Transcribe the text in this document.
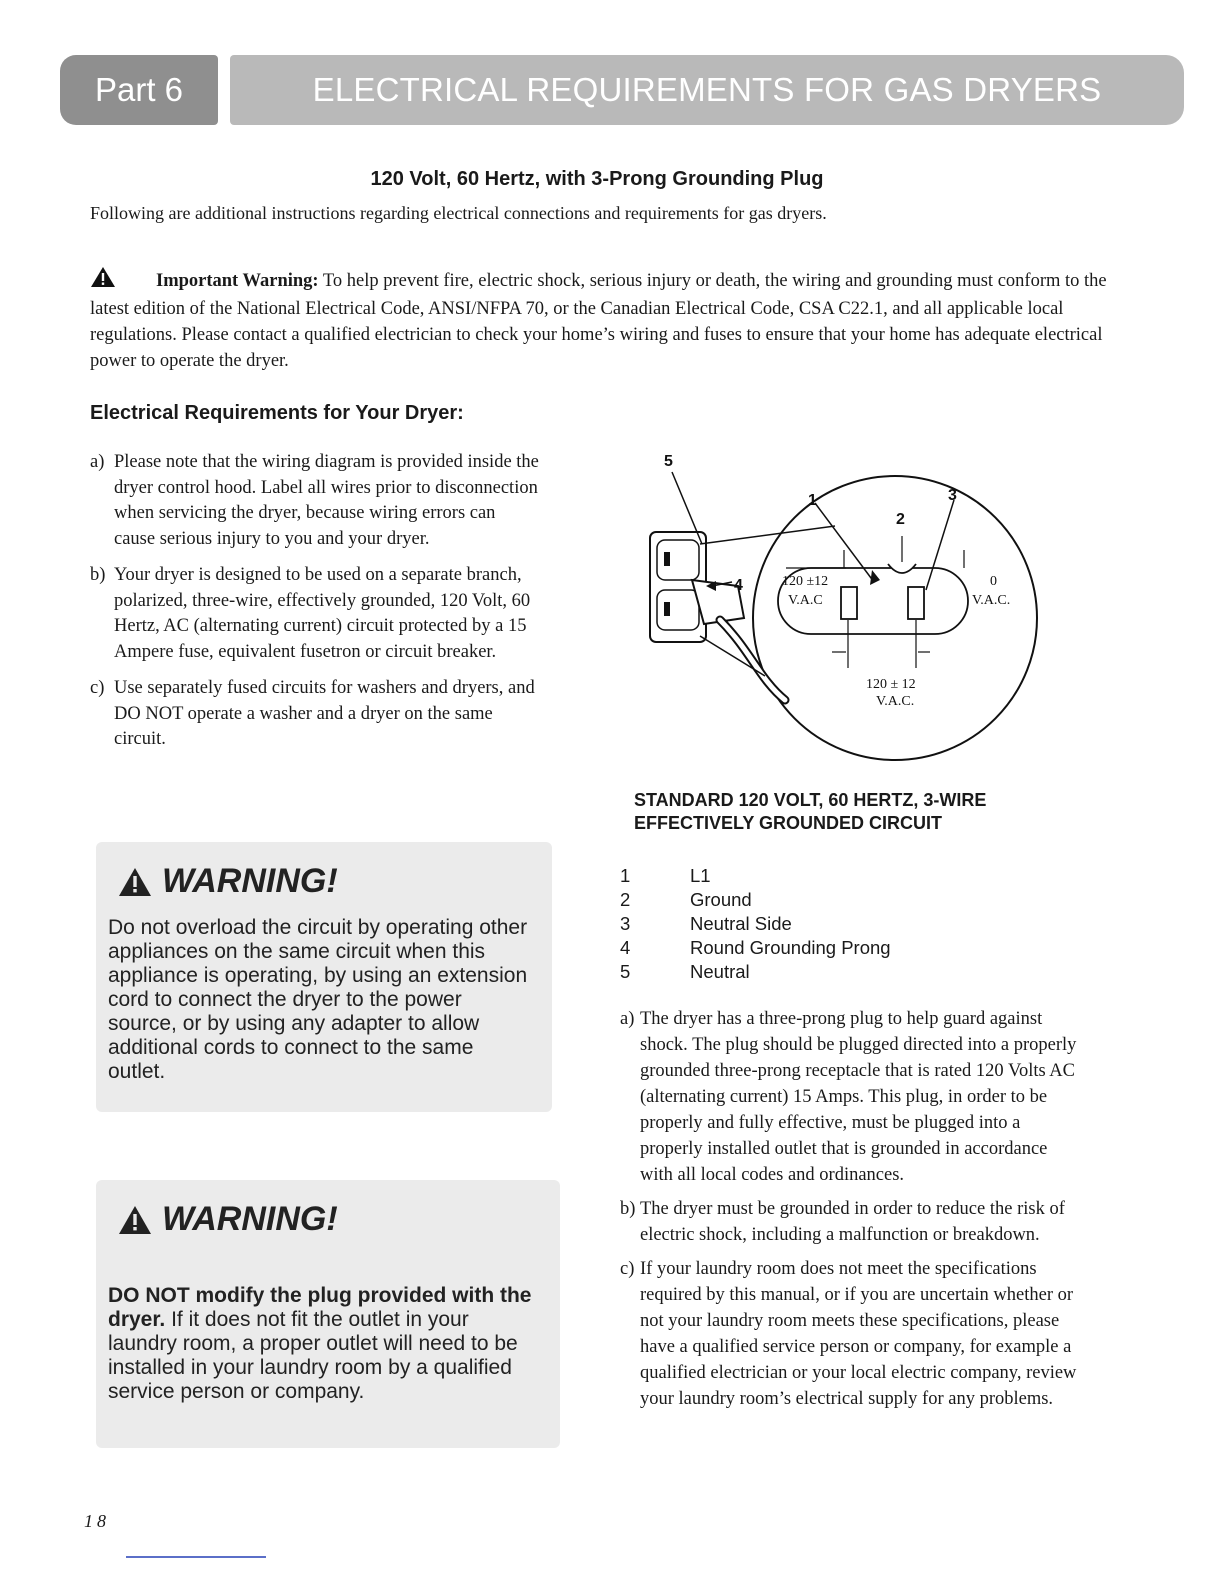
Part 6	ELECTRICAL REQUIREMENTS FOR GAS DRYERS
120 Volt, 60 Hertz, with 3-Prong Grounding Plug
Following are additional instructions regarding electrical connections and requirements for gas dryers.
Important Warning: To help prevent fire, electric shock, serious injury or death, the wiring and grounding must conform to the latest edition of the National Electrical Code, ANSI/NFPA 70, or the Canadian Electrical Code, CSA C22.1, and all applicable local regulations. Please contact a qualified electrician to check your home’s wiring and fuses to ensure that your home has adequate electrical power to operate the dryer.
Electrical Requirements for Your Dryer:
a) Please note that the wiring diagram is provided inside the dryer control hood. Label all wires prior to disconnection when servicing the dryer, because wiring errors can cause serious injury to you and your dryer.
b) Your dryer is designed to be used on a separate branch, polarized, three-wire, effectively grounded, 120 Volt, 60 Hertz, AC (alternating current) circuit protected by a 15 Ampere fuse, equivalent fusetron or circuit breaker.
c) Use separately fused circuits for washers and dryers, and DO NOT operate a washer and a dryer on the same circuit.
WARNING!
Do not overload the circuit by operating other appliances on the same circuit when this appliance is operating, by using an extension cord to connect the dryer to the power source, or by using any adapter to allow additional cords to connect to the same outlet.
WARNING!
DO NOT modify the plug provided with the dryer. If it does not fit the outlet in your laundry room, a proper outlet will need to be installed in your laundry room by a qualified service person or company.
5
4
1
2
3
120 ±12
V.A.C
0
V.A.C.
120 ± 12
V.A.C.
STANDARD 120 VOLT, 60 HERTZ, 3-WIRE EFFECTIVELY GROUNDED CIRCUIT
1	L1
2	Ground
3	Neutral Side
4	Round Grounding Prong
5	Neutral
a) The dryer has a three-prong plug to help guard against shock. The plug should be plugged directed into a properly grounded three-prong receptacle that is rated 120 Volts AC (alternating current) 15 Amps. This plug, in order to be properly and fully effective, must be plugged into a properly installed outlet that is grounded in accordance with all local codes and ordinances.
b) The dryer must be grounded in order to reduce the risk of electric shock, including a malfunction or breakdown.
c) If your laundry room does not meet the specifications required by this manual, or if you are uncertain whether or not your laundry room meets these specifications, please have a qualified service person or company, for example a qualified electrician or your local electric company, review your laundry room’s electrical supply for any problems.
18
